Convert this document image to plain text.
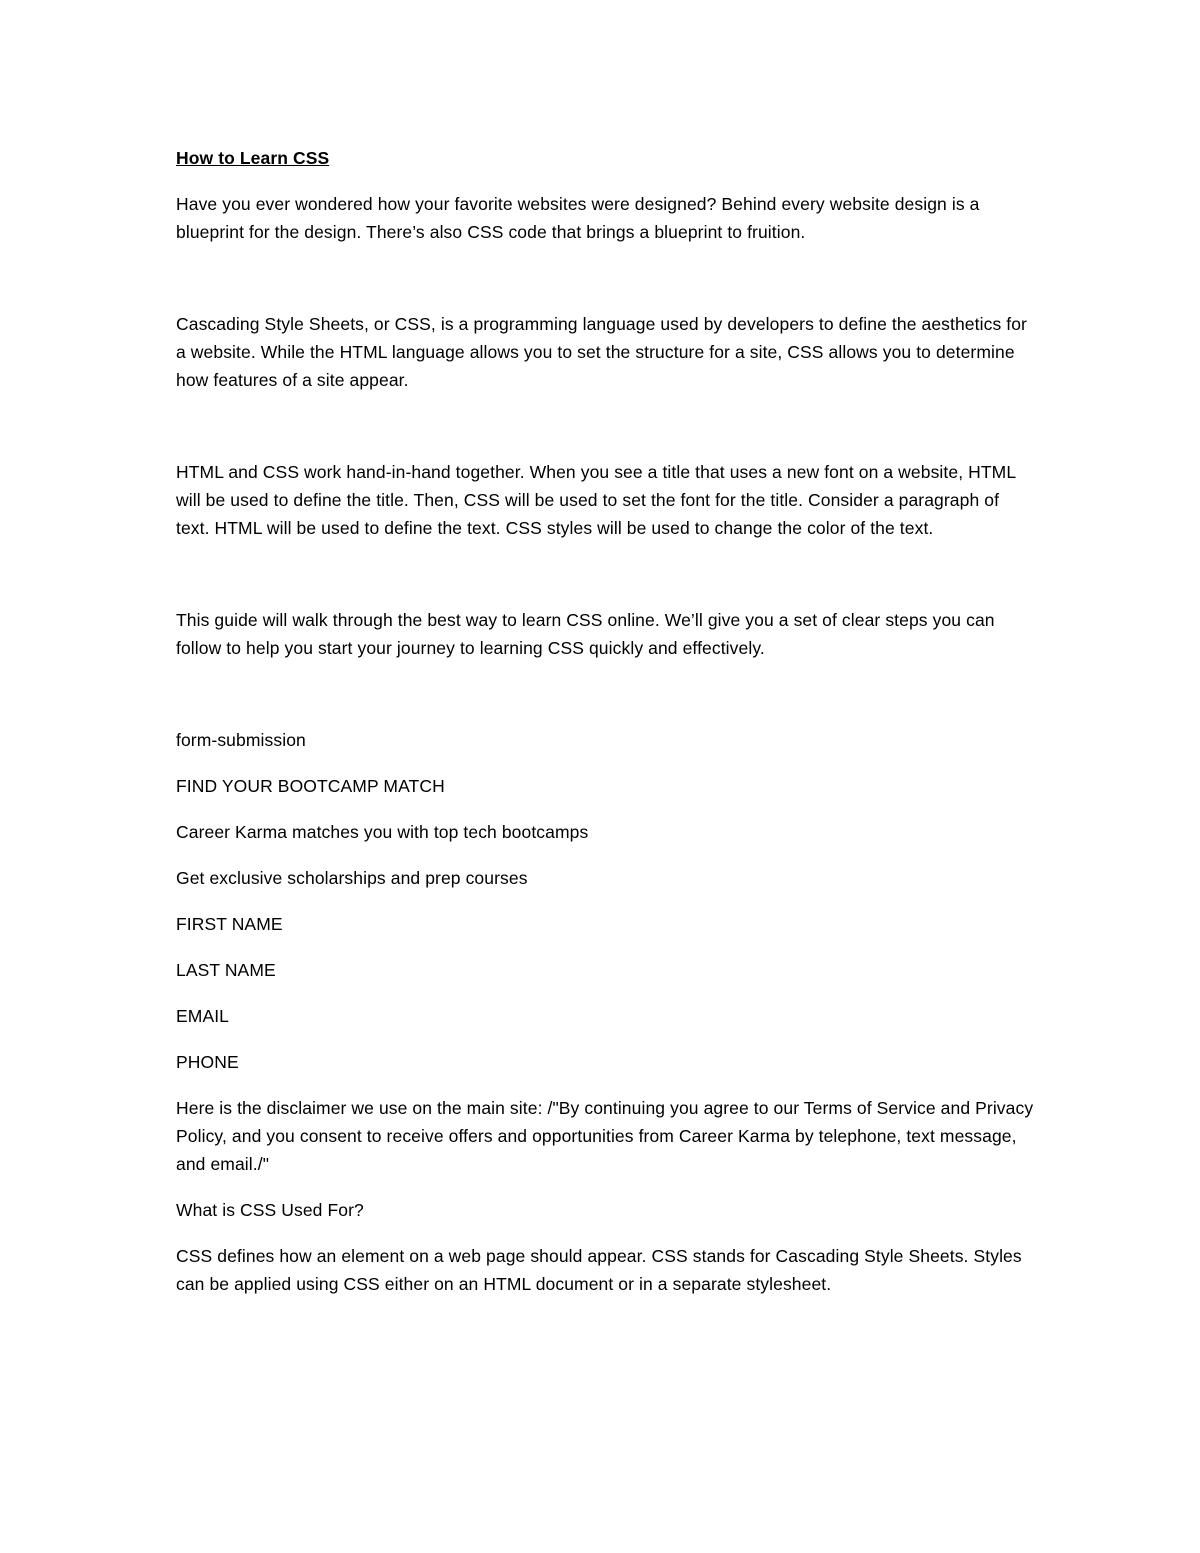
How to Learn CSS

Have you ever wondered how your favorite websites were designed? Behind every website design is a blueprint for the design. There’s also CSS code that brings a blueprint to fruition.

Cascading Style Sheets, or CSS, is a programming language used by developers to define the aesthetics for a website. While the HTML language allows you to set the structure for a site, CSS allows you to determine how features of a site appear.

HTML and CSS work hand-in-hand together. When you see a title that uses a new font on a website, HTML will be used to define the title. Then, CSS will be used to set the font for the title. Consider a paragraph of text. HTML will be used to define the text. CSS styles will be used to change the color of the text.

This guide will walk through the best way to learn CSS online. We’ll give you a set of clear steps you can follow to help you start your journey to learning CSS quickly and effectively.

form-submission

FIND YOUR BOOTCAMP MATCH

Career Karma matches you with top tech bootcamps

Get exclusive scholarships and prep courses

FIRST NAME

LAST NAME

EMAIL

PHONE

Here is the disclaimer we use on the main site: /"By continuing you agree to our Terms of Service and Privacy Policy, and you consent to receive offers and opportunities from Career Karma by telephone, text message, and email./"

What is CSS Used For?

CSS defines how an element on a web page should appear. CSS stands for Cascading Style Sheets. Styles can be applied using CSS either on an HTML document or in a separate stylesheet.
